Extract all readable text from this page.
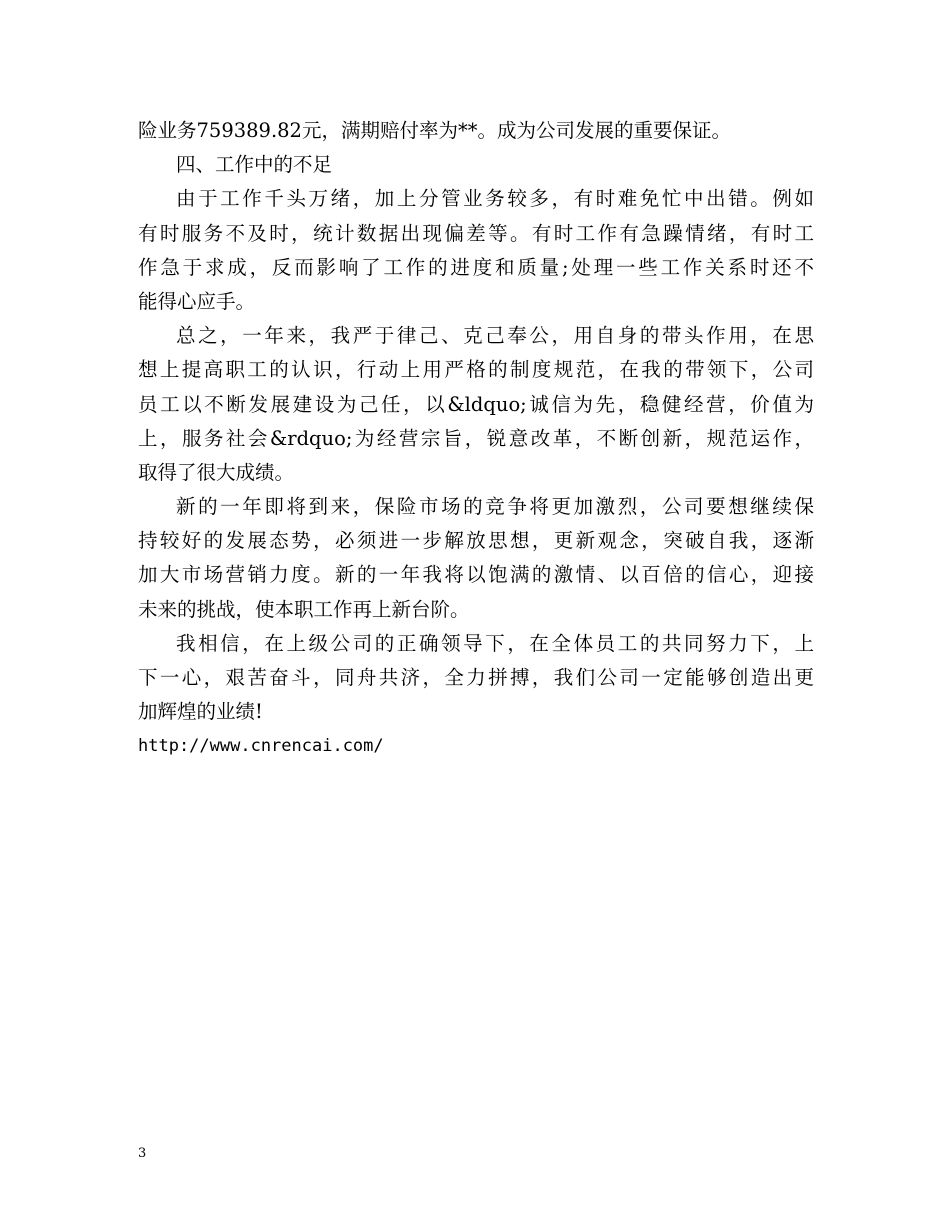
险业务759389.82元，满期赔付率为**。成为公司发展的重要保证。
四、工作中的不足
由于工作千头万绪，加上分管业务较多，有时难免忙中出错。例如
有时服务不及时，统计数据出现偏差等。有时工作有急躁情绪，有时工
作急于求成，反而影响了工作的进度和质量;处理一些工作关系时还不
能得心应手。
总之，一年来，我严于律己、克己奉公，用自身的带头作用，在思
想上提高职工的认识，行动上用严格的制度规范，在我的带领下，公司
员工以不断发展建设为己任，以&ldquo;诚信为先，稳健经营，价值为
上，服务社会&rdquo;为经营宗旨，锐意改革，不断创新，规范运作，
取得了很大成绩。
新的一年即将到来，保险市场的竞争将更加激烈，公司要想继续保
持较好的发展态势，必须进一步解放思想，更新观念，突破自我，逐渐
加大市场营销力度。新的一年我将以饱满的激情、以百倍的信心，迎接
未来的挑战，使本职工作再上新台阶。
我相信，在上级公司的正确领导下，在全体员工的共同努力下，上
下一心，艰苦奋斗，同舟共济，全力拼搏，我们公司一定能够创造出更
加辉煌的业绩!
http://www.cnrencai.com/
3
